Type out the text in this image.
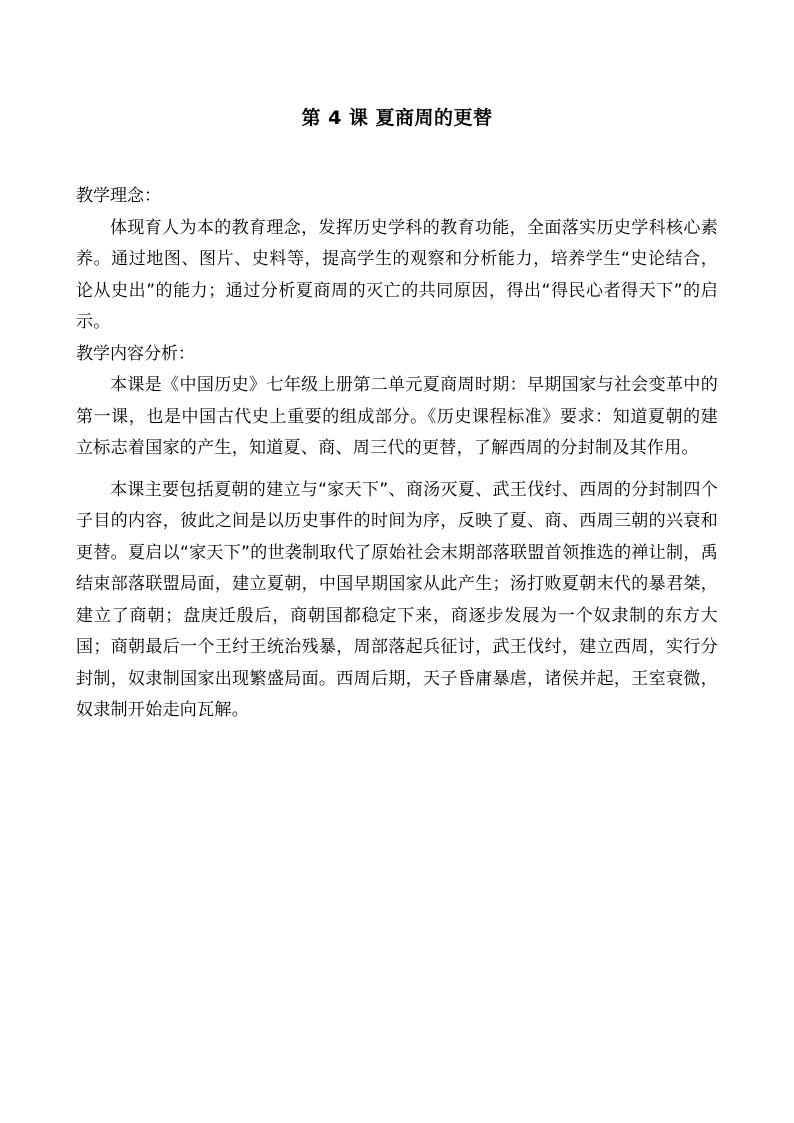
第 4 课 夏商周的更替

教学理念：

体现育人为本的教育理念，发挥历史学科的教育功能，全面落实历史学科核心素养。通过地图、图片、史料等，提高学生的观察和分析能力，培养学生“史论结合，论从史出”的能力；通过分析夏商周的灭亡的共同原因，得出“得民心者得天下”的启示。

教学内容分析：

本课是《中国历史》七年级上册第二单元夏商周时期：早期国家与社会变革中的第一课，也是中国古代史上重要的组成部分。《历史课程标准》要求：知道夏朝的建立标志着国家的产生，知道夏、商、周三代的更替，了解西周的分封制及其作用。

本课主要包括夏朝的建立与“家天下”、商汤灭夏、武王伐纣、西周的分封制四个子目的内容，彼此之间是以历史事件的时间为序，反映了夏、商、西周三朝的兴衰和更替。夏启以“家天下”的世袭制取代了原始社会末期部落联盟首领推选的禅让制，禹结束部落联盟局面，建立夏朝，中国早期国家从此产生；汤打败夏朝末代的暴君桀，建立了商朝；盘庚迁殷后，商朝国都稳定下来，商逐步发展为一个奴隶制的东方大国；商朝最后一个王纣王统治残暴，周部落起兵征讨，武王伐纣，建立西周，实行分封制，奴隶制国家出现繁盛局面。西周后期，天子昏庸暴虐，诸侯并起，王室衰微，奴隶制开始走向瓦解。
